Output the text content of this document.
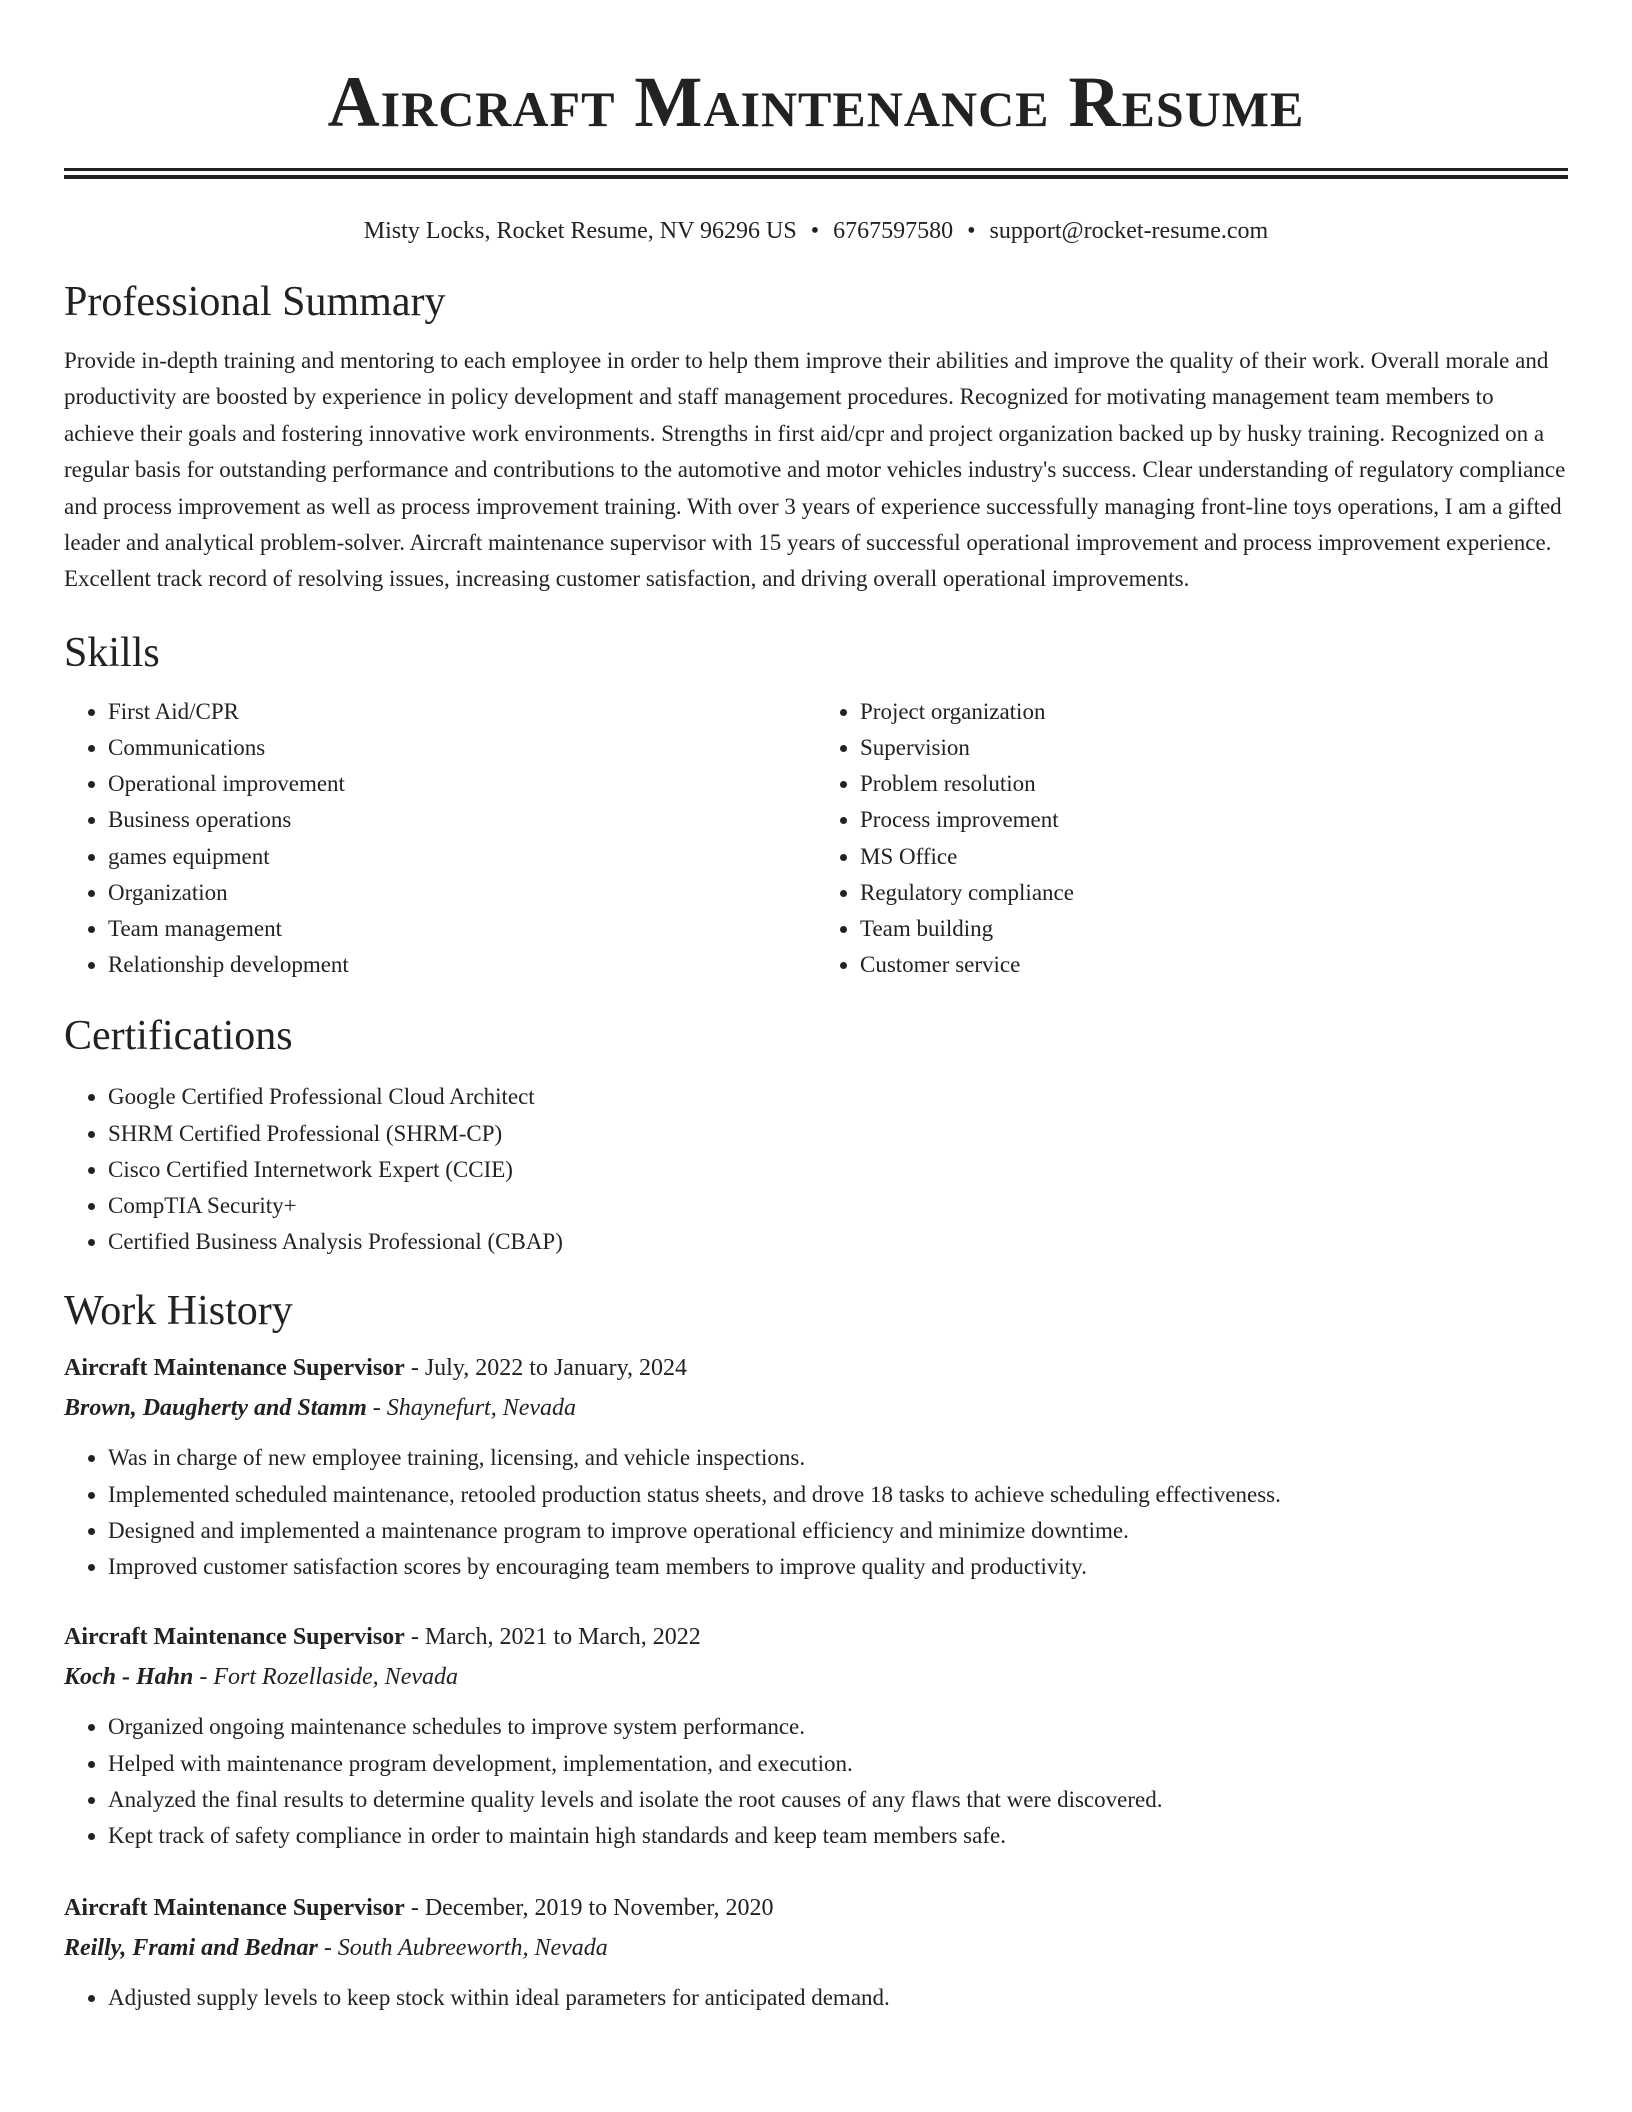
Aircraft Maintenance Resume
Misty Locks, Rocket Resume, NV 96296 US • 6767597580 • support@rocket-resume.com
Professional Summary

Provide in-depth training and mentoring to each employee in order to help them improve their abilities and improve the quality of their work. Overall morale and productivity are boosted by experience in policy development and staff management procedures. Recognized for motivating management team members to achieve their goals and fostering innovative work environments. Strengths in first aid/cpr and project organization backed up by husky training. Recognized on a regular basis for outstanding performance and contributions to the automotive and motor vehicles industry's success. Clear understanding of regulatory compliance and process improvement as well as process improvement training. With over 3 years of experience successfully managing front-line toys operations, I am a gifted leader and analytical problem-solver. Aircraft maintenance supervisor with 15 years of successful operational improvement and process improvement experience. Excellent track record of resolving issues, increasing customer satisfaction, and driving overall operational improvements.

Skills
• First Aid/CPR
• Communications
• Operational improvement
• Business operations
• games equipment
• Organization
• Team management
• Relationship development
• Project organization
• Supervision
• Problem resolution
• Process improvement
• MS Office
• Regulatory compliance
• Team building
• Customer service
Certifications
• Google Certified Professional Cloud Architect
• SHRM Certified Professional (SHRM-CP)
• Cisco Certified Internetwork Expert (CCIE)
• CompTIA Security+
• Certified Business Analysis Professional (CBAP)
Work History
Aircraft Maintenance Supervisor - July, 2022 to January, 2024
Brown, Daugherty and Stamm - Shaynefurt, Nevada
• Was in charge of new employee training, licensing, and vehicle inspections.
• Implemented scheduled maintenance, retooled production status sheets, and drove 18 tasks to achieve scheduling effectiveness.
• Designed and implemented a maintenance program to improve operational efficiency and minimize downtime.
• Improved customer satisfaction scores by encouraging team members to improve quality and productivity.
Aircraft Maintenance Supervisor - March, 2021 to March, 2022
Koch - Hahn - Fort Rozellaside, Nevada
• Organized ongoing maintenance schedules to improve system performance.
• Helped with maintenance program development, implementation, and execution.
• Analyzed the final results to determine quality levels and isolate the root causes of any flaws that were discovered.
• Kept track of safety compliance in order to maintain high standards and keep team members safe.
Aircraft Maintenance Supervisor - December, 2019 to November, 2020
Reilly, Frami and Bednar - South Aubreeworth, Nevada
• Adjusted supply levels to keep stock within ideal parameters for anticipated demand.
